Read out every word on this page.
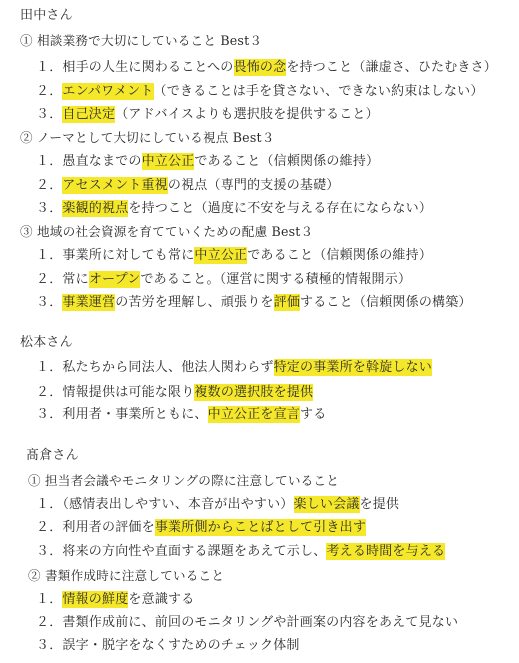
田中さん
① 相談業務で大切にしていること Best３
１．相手の人生に関わることへの畏怖の念を持つこと（謙虚さ、ひたむきさ）
２．エンパワメント（できることは手を貸さない、できない約束はしない）
３．自己決定（アドバイスよりも選択肢を提供すること）
② ノーマとして大切にしている視点 Best３
１．愚直なまでの中立公正であること（信頼関係の維持）
２．アセスメント重視の視点（専門的支援の基礎）
３．楽観的視点を持つこと（過度に不安を与える存在にならない）
③ 地域の社会資源を育てていくための配慮 Best３
１．事業所に対しても常に中立公正であること（信頼関係の維持）
２．常にオープンであること。（運営に関する積極的情報開示）
３．事業運営の苦労を理解し、頑張りを評価すること（信頼関係の構築）
松本さん
１．私たちから同法人、他法人関わらず特定の事業所を斡旋しない
２．情報提供は可能な限り複数の選択肢を提供
３．利用者・事業所ともに、中立公正を宣言する
髙倉さん
① 担当者会議やモニタリングの際に注意していること
１．（感情表出しやすい、本音が出やすい）楽しい会議を提供
２．利用者の評価を事業所側からことばとして引き出す
３．将来の方向性や直面する課題をあえて示し、考える時間を与える
② 書類作成時に注意していること
１．情報の鮮度を意識する
２．書類作成前に、前回のモニタリングや計画案の内容をあえて見ない
３．誤字・脱字をなくすためのチェック体制
